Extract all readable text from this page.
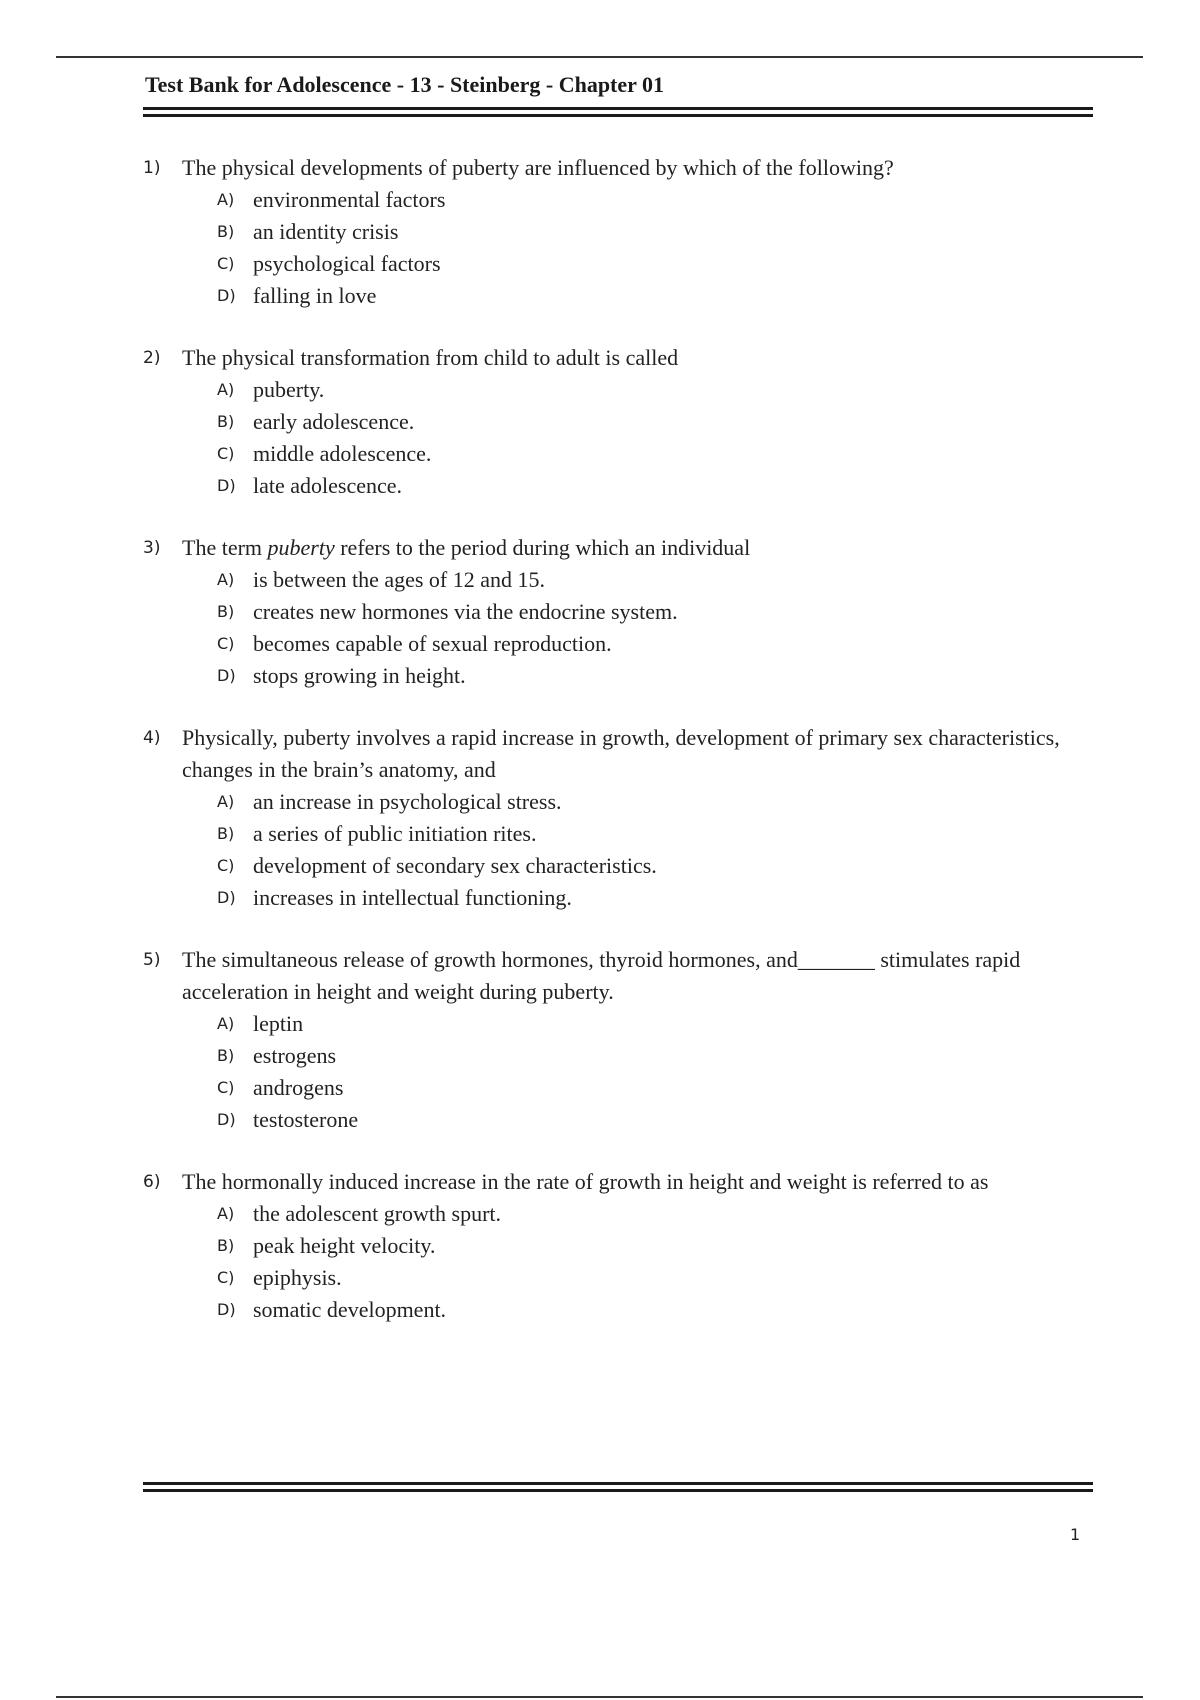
Test Bank for Adolescence - 13 - Steinberg - Chapter 01
1) The physical developments of puberty are influenced by which of the following?
A) environmental factors
B) an identity crisis
C) psychological factors
D) falling in love
2) The physical transformation from child to adult is called
A) puberty.
B) early adolescence.
C) middle adolescence.
D) late adolescence.
3) The term puberty refers to the period during which an individual
A) is between the ages of 12 and 15.
B) creates new hormones via the endocrine system.
C) becomes capable of sexual reproduction.
D) stops growing in height.
4) Physically, puberty involves a rapid increase in growth, development of primary sex characteristics, changes in the brain’s anatomy, and
A) an increase in psychological stress.
B) a series of public initiation rites.
C) development of secondary sex characteristics.
D) increases in intellectual functioning.
5) The simultaneous release of growth hormones, thyroid hormones, and_______ stimulates rapid acceleration in height and weight during puberty.
A) leptin
B) estrogens
C) androgens
D) testosterone
6) The hormonally induced increase in the rate of growth in height and weight is referred to as
A) the adolescent growth spurt.
B) peak height velocity.
C) epiphysis.
D) somatic development.
1
